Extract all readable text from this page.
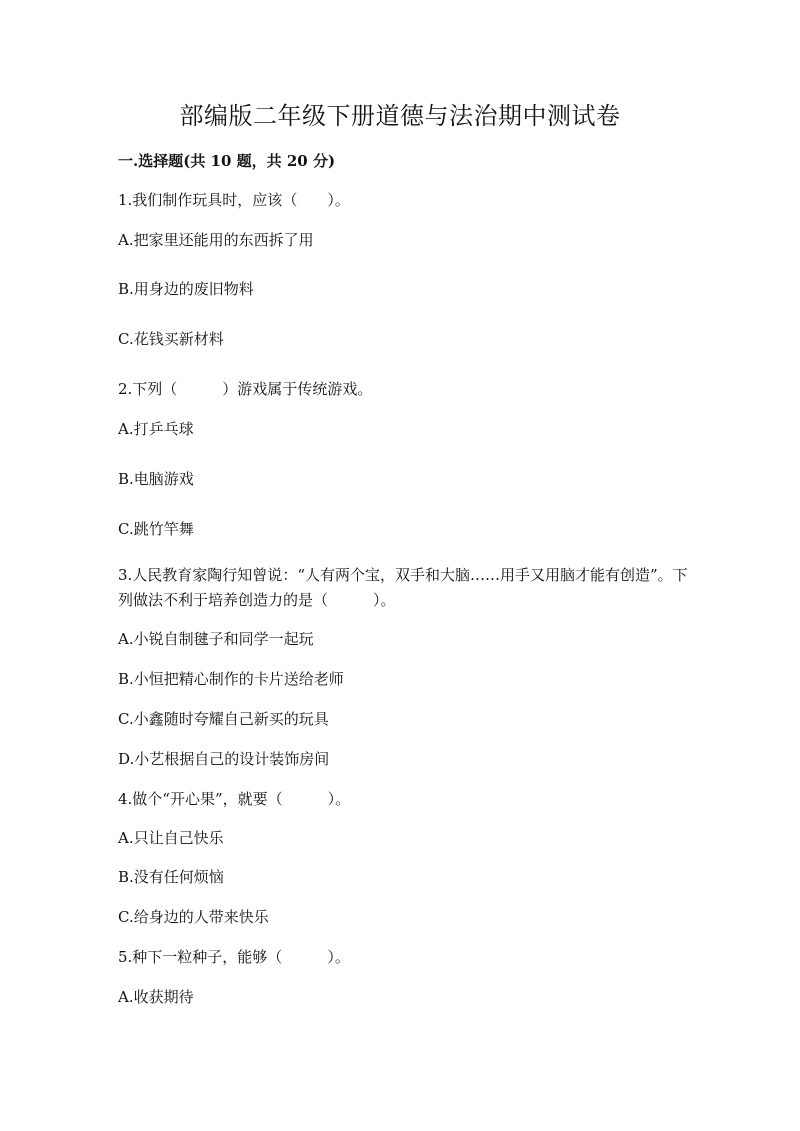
部编版二年级下册道德与法治期中测试卷
一.选择题(共 10 题，共 20 分)
1.我们制作玩具时，应该（　　）。
A.把家里还能用的东西拆了用
B.用身边的废旧物料
C.花钱买新材料
2.下列（　　　）游戏属于传统游戏。
A.打乒乓球
B.电脑游戏
C.跳竹竿舞
3.人民教育家陶行知曾说：“人有两个宝，双手和大脑……用手又用脑才能有创造”。下列做法不利于培养创造力的是（　　　）。
A.小锐自制毽子和同学一起玩
B.小恒把精心制作的卡片送给老师
C.小鑫随时夸耀自己新买的玩具
D.小艺根据自己的设计装饰房间
4.做个“开心果”，就要（　　　）。
A.只让自己快乐
B.没有任何烦恼
C.给身边的人带来快乐
5.种下一粒种子，能够（　　　）。
A.收获期待
